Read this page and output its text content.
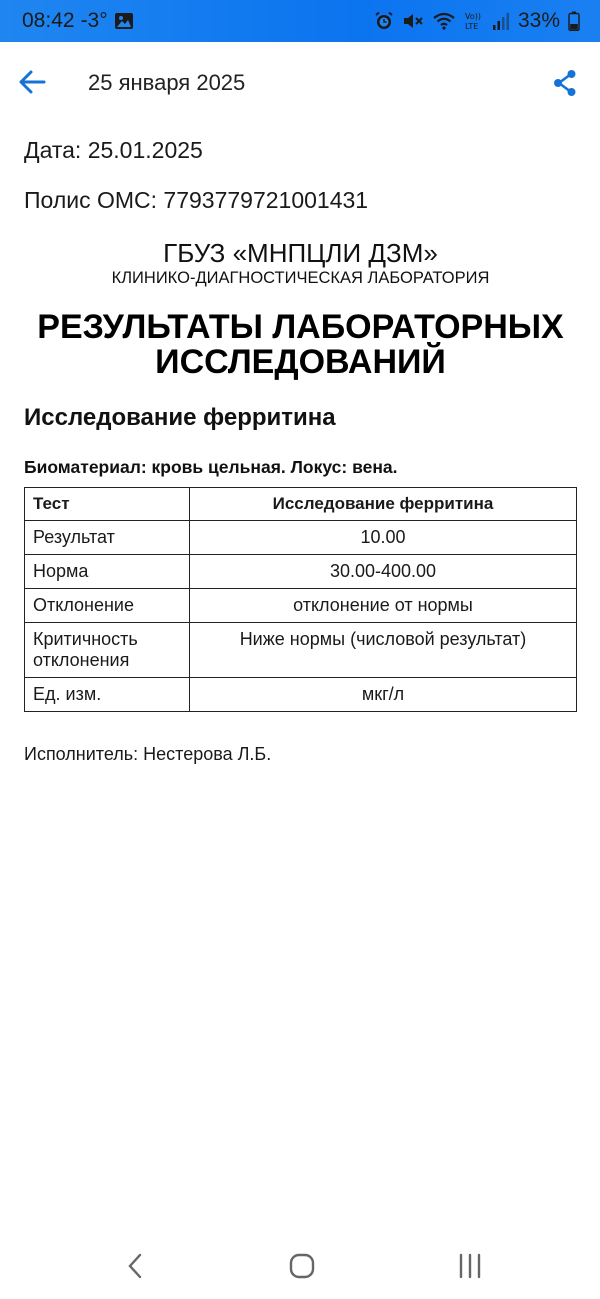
08:42 -3°	Vo))
LTE 33%
25 января 2025
Дата: 25.01.2025
Полис ОМС: 7793779721001431
ГБУЗ «МНПЦЛИ ДЗМ»
КЛИНИКО-ДИАГНОСТИЧЕСКАЯ ЛАБОРАТОРИЯ
РЕЗУЛЬТАТЫ ЛАБОРАТОРНЫХ
ИССЛЕДОВАНИЙ
Исследование ферритина
Биоматериал: кровь цельная. Локус: вена.
Тест	Исследование ферритина
Результат	10.00
Норма	30.00-400.00
Отклонение	отклонение от нормы
Критичность отклонения	Ниже нормы (числовой результат)
Ед. изм.	мкг/л
Исполнитель: Нестерова Л.Б.
